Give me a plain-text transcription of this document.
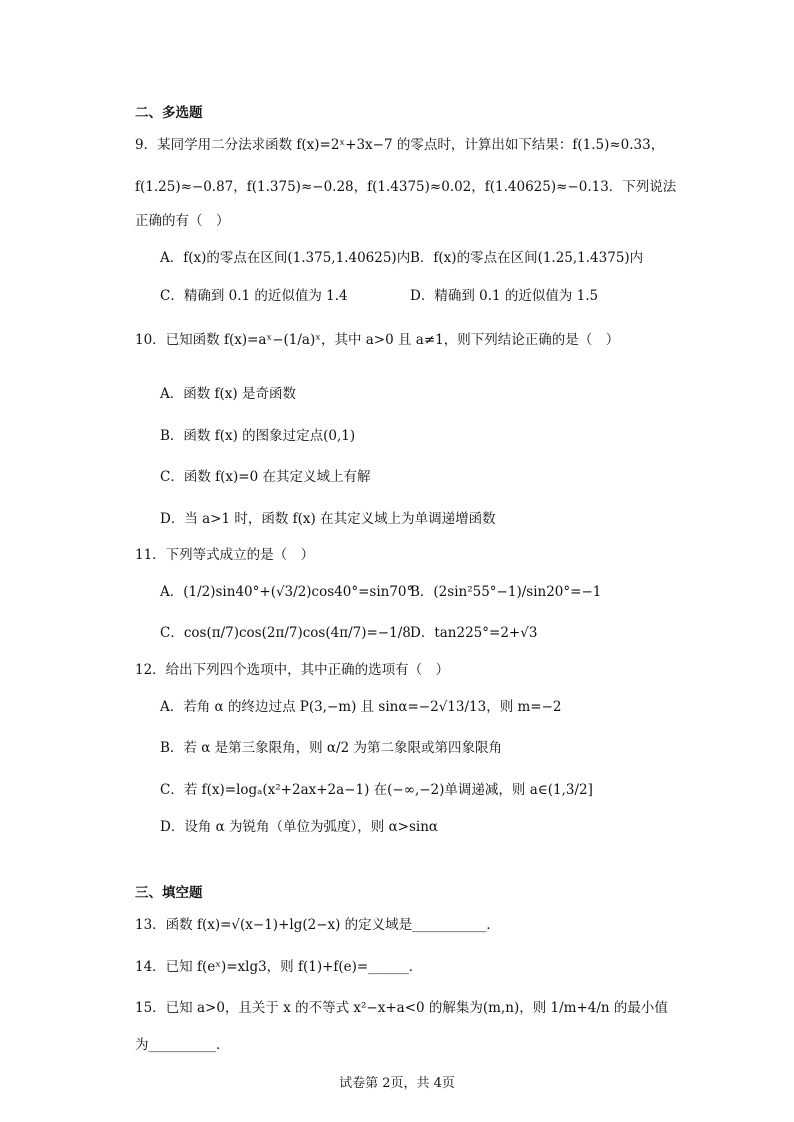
二、多选题
9．某同学用二分法求函数 f(x)=2ˣ+3x−7 的零点时，计算出如下结果：f(1.5)≈0.33，
f(1.25)≈−0.87，f(1.375)≈−0.28，f(1.4375)≈0.02，f(1.40625)≈−0.13．下列说法
正确的有（　）
A．f(x)的零点在区间(1.375,1.40625)内 B．f(x)的零点在区间(1.25,1.4375)内
C．精确到 0.1 的近似值为 1.4	D．精确到 0.1 的近似值为 1.5
10．已知函数 f(x)=aˣ−(1/a)ˣ，其中 a>0 且 a≠1，则下列结论正确的是（　）
A．函数 f(x) 是奇函数
B．函数 f(x) 的图象过定点(0,1)
C．函数 f(x)=0 在其定义域上有解
D．当 a>1 时，函数 f(x) 在其定义域上为单调递增函数
11．下列等式成立的是（　）
A．(1/2)sin40°+(√3/2)cos40°=sin70°
B．(2sin²55°−1)/sin20°=−1
C．cos(π/7)cos(2π/7)cos(4π/7)=−1/8 D．tan225°=2+√3
12．给出下列四个选项中，其中正确的选项有（　）
A．若角 α 的终边过点 P(3,−m) 且 sinα=−2√13/13，则 m=−2
B．若 α 是第三象限角，则 α/2 为第二象限或第四象限角
C．若 f(x)=logₐ(x²+2ax+2a−1) 在(−∞,−2)单调递减，则 a∈(1,3/2]
D．设角 α 为锐角（单位为弧度），则 α>sinα
三、填空题
13．函数 f(x)=√(x−1)+lg(2−x) 的定义域是___________．
14．已知 f(eˣ)=xlg3，则 f(1)+f(e)=______．
15．已知 a>0，且关于 x 的不等式 x²−x+a<0 的解集为(m,n)，则 1/m+4/n 的最小值
为__________．
试卷第 2页，共 4页
